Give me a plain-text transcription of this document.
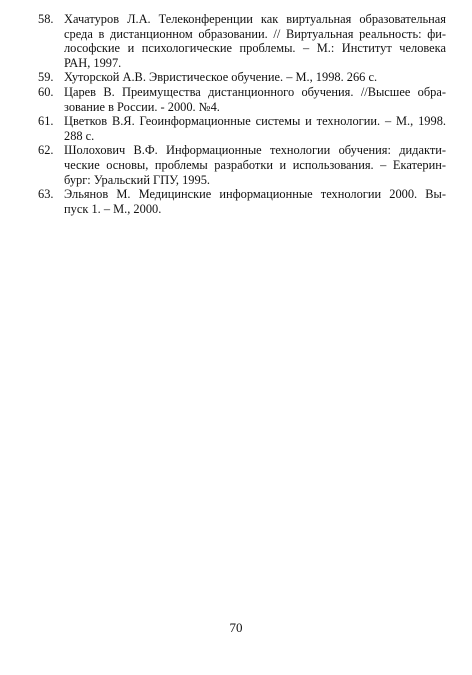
58. Хачатуров Л.А. Телеконференции как виртуальная образовательная
среда в дистанционном образовании. // Виртуальная реальность: фи-
лософские и психологические проблемы. – М.: Институт человека
РАН, 1997.
59. Хуторской А.В. Эвристическое обучение. – М., 1998. 266 с.
60. Царев В. Преимущества дистанционного обучения. //Высшее обра-
зование в России. - 2000. №4.
61. Цветков В.Я. Геоинформационные системы и технологии. – М., 1998.
288 с.
62. Шолохович В.Ф. Информационные технологии обучения: дидакти-
ческие основы, проблемы разработки и использования. – Екатерин-
бург: Уральский ГПУ, 1995.
63. Эльянов М. Медицинские информационные технологии 2000. Вы-
пуск 1. – М., 2000.
70
